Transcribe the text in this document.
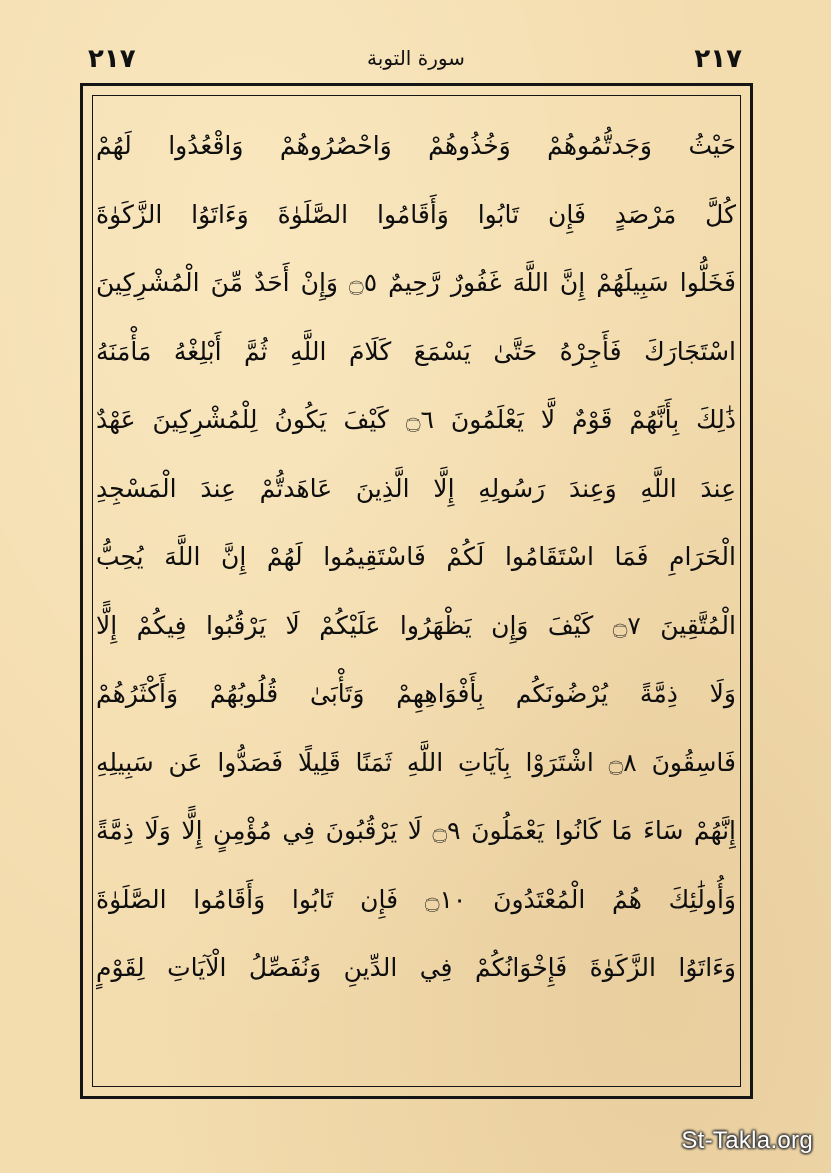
٢١٧
سورة التوبة
٢١٧
حَيْثُ وَجَدتُّمُوهُمْ وَخُذُوهُمْ وَاحْصُرُوهُمْ وَاقْعُدُوا لَهُمْ
كُلَّ مَرْصَدٍ فَإِن تَابُوا وَأَقَامُوا الصَّلَوٰةَ وَءَاتَوُا الزَّكَوٰةَ
فَخَلُّوا سَبِيلَهُمْ إِنَّ اللَّهَ غَفُورٌ رَّحِيمٌ ۝٥ وَإِنْ أَحَدٌ مِّنَ الْمُشْرِكِينَ
اسْتَجَارَكَ فَأَجِرْهُ حَتَّىٰ يَسْمَعَ كَلَامَ اللَّهِ ثُمَّ أَبْلِغْهُ مَأْمَنَهُ
ذَٰلِكَ بِأَنَّهُمْ قَوْمٌ لَّا يَعْلَمُونَ ۝٦ كَيْفَ يَكُونُ لِلْمُشْرِكِينَ عَهْدٌ
عِندَ اللَّهِ وَعِندَ رَسُولِهِ إِلَّا الَّذِينَ عَاهَدتُّمْ عِندَ الْمَسْجِدِ
الْحَرَامِ فَمَا اسْتَقَامُوا لَكُمْ فَاسْتَقِيمُوا لَهُمْ إِنَّ اللَّهَ يُحِبُّ
الْمُتَّقِينَ ۝٧ كَيْفَ وَإِن يَظْهَرُوا عَلَيْكُمْ لَا يَرْقُبُوا فِيكُمْ إِلًّا
وَلَا ذِمَّةً يُرْضُونَكُم بِأَفْوَاهِهِمْ وَتَأْبَىٰ قُلُوبُهُمْ وَأَكْثَرُهُمْ
فَاسِقُونَ ۝٨ اشْتَرَوْا بِآيَاتِ اللَّهِ ثَمَنًا قَلِيلًا فَصَدُّوا عَن سَبِيلِهِ
إِنَّهُمْ سَاءَ مَا كَانُوا يَعْمَلُونَ ۝٩ لَا يَرْقُبُونَ فِي مُؤْمِنٍ إِلًّا وَلَا ذِمَّةً
وَأُولَٰئِكَ هُمُ الْمُعْتَدُونَ ۝١٠ فَإِن تَابُوا وَأَقَامُوا الصَّلَوٰةَ
وَءَاتَوُا الزَّكَوٰةَ فَإِخْوَانُكُمْ فِي الدِّينِ وَنُفَصِّلُ الْآيَاتِ لِقَوْمٍ
St-Takla.org
